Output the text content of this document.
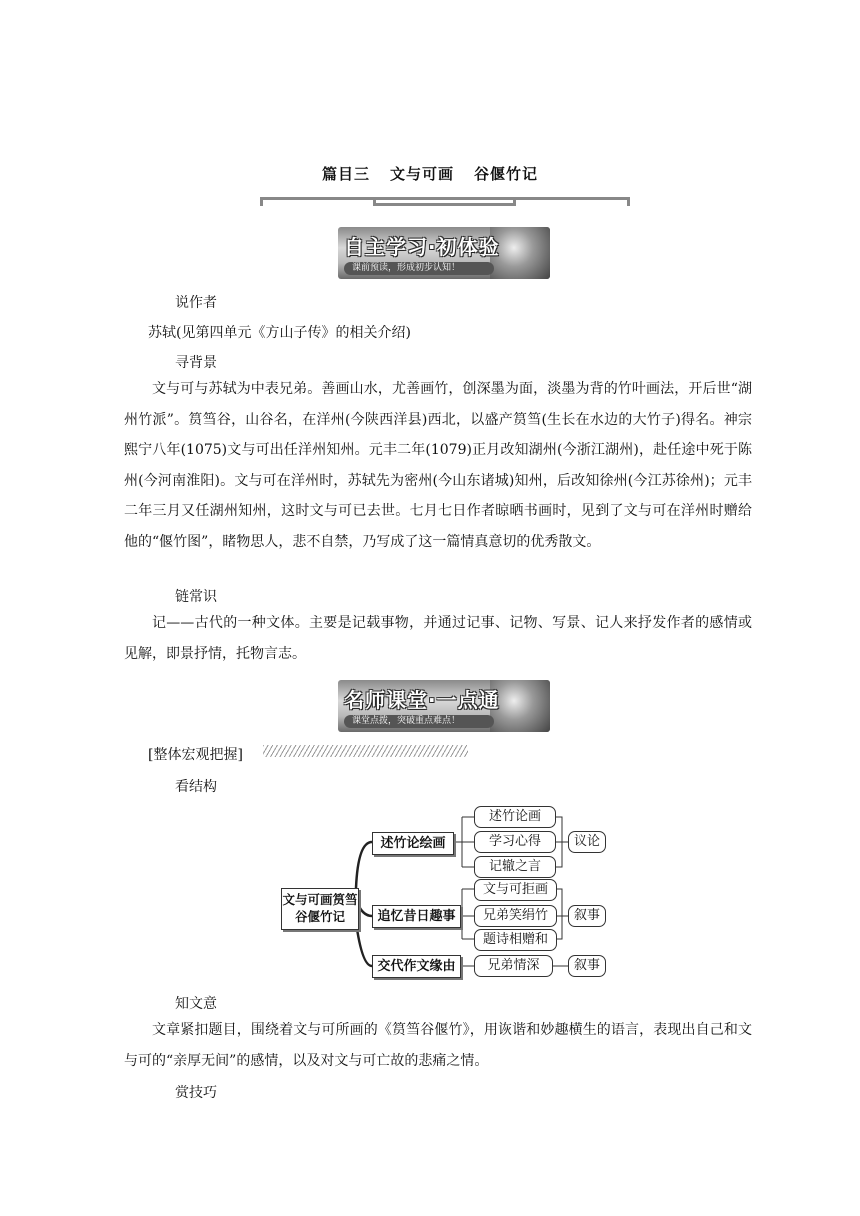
篇目三 文与可画 谷偃竹记
自主学习·初体验
课前预读，形成初步认知！
说作者
苏轼(见第四单元《方山子传》的相关介绍)
寻背景
文与可与苏轼为中表兄弟。善画山水，尤善画竹，创深墨为面，淡墨为背的竹叶画法，开后世“湖州竹派”。筼筜谷，山谷名，在洋州(今陕西洋县)西北，以盛产筼筜(生长在水边的大竹子)得名。神宗熙宁八年(1075)文与可出任洋州知州。元丰二年(1079)正月改知湖州(今浙江湖州)，赴任途中死于陈州(今河南淮阳)。文与可在洋州时，苏轼先为密州(今山东诸城)知州，后改知徐州(今江苏徐州)；元丰二年三月又任湖州知州，这时文与可已去世。七月七日作者晾晒书画时，见到了文与可在洋州时赠给他的“偃竹图”，睹物思人，悲不自禁，乃写成了这一篇情真意切的优秀散文。
链常识
记——古代的一种文体。主要是记载事物，并通过记事、记物、写景、记人来抒发作者的感情或见解，即景抒情，托物言志。
名师课堂·一点通
课堂点拨，突破重点难点！
[整体宏观把握]
看结构
文与可画筼筜谷偃竹记
述竹论绘画
述竹论画
学习心得
记辙之言
议论
追忆昔日趣事
文与可拒画
兄弟笑绢竹
题诗相赠和
叙事
交代作文缘由	兄弟情深	叙事
知文意
文章紧扣题目，围绕着文与可所画的《筼筜谷偃竹》，用诙谐和妙趣横生的语言，表现出自己和文与可的“亲厚无间”的感情，以及对文与可亡故的悲痛之情。
赏技巧
